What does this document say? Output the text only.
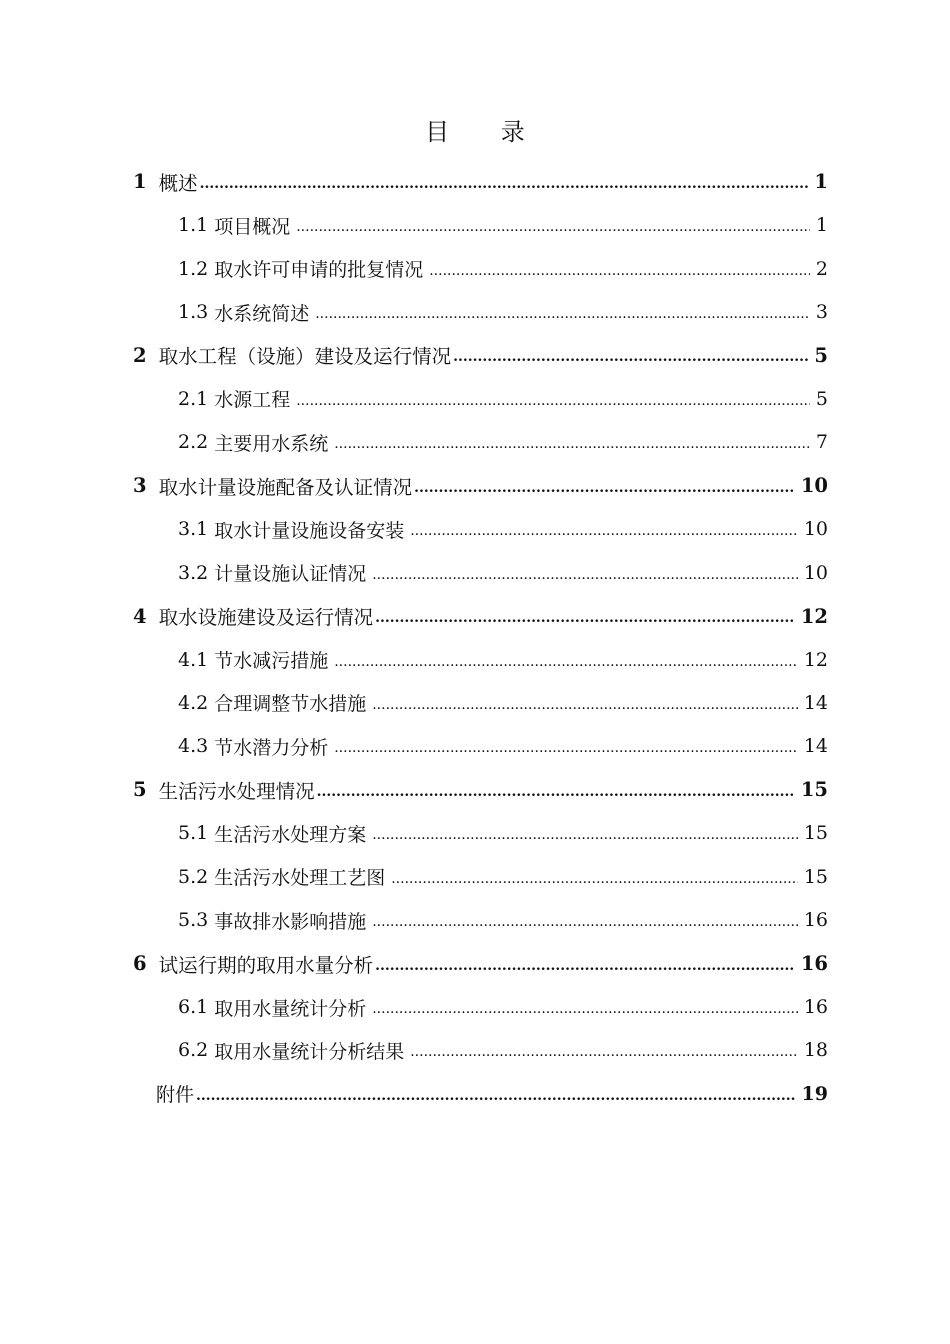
目 录
1 概述 .....	1
1.1 项目概况 .....	1
1.2 取水许可申请的批复情况 .....	2
1.3 水系统简述 .....	3
2 取水工程（设施）建设及运行情况 .....	5
2.1 水源工程 .....	5
2.2 主要用水系统 .....	7
3 取水计量设施配备及认证情况 .....	10
3.1 取水计量设施设备安装 .....	10
3.2 计量设施认证情况 .....	10
4 取水设施建设及运行情况 .....	12
4.1 节水减污措施 .....	12
4.2 合理调整节水措施 .....	14
4.3 节水潜力分析 .....	14
5 生活污水处理情况 .....	15
5.1 生活污水处理方案 .....	15
5.2 生活污水处理工艺图 .....	15
5.3 事故排水影响措施 .....	16
6 试运行期的取用水量分析 .....	16
6.1 取用水量统计分析 .....	16
6.2 取用水量统计分析结果 .....	18
附件 .....	19
